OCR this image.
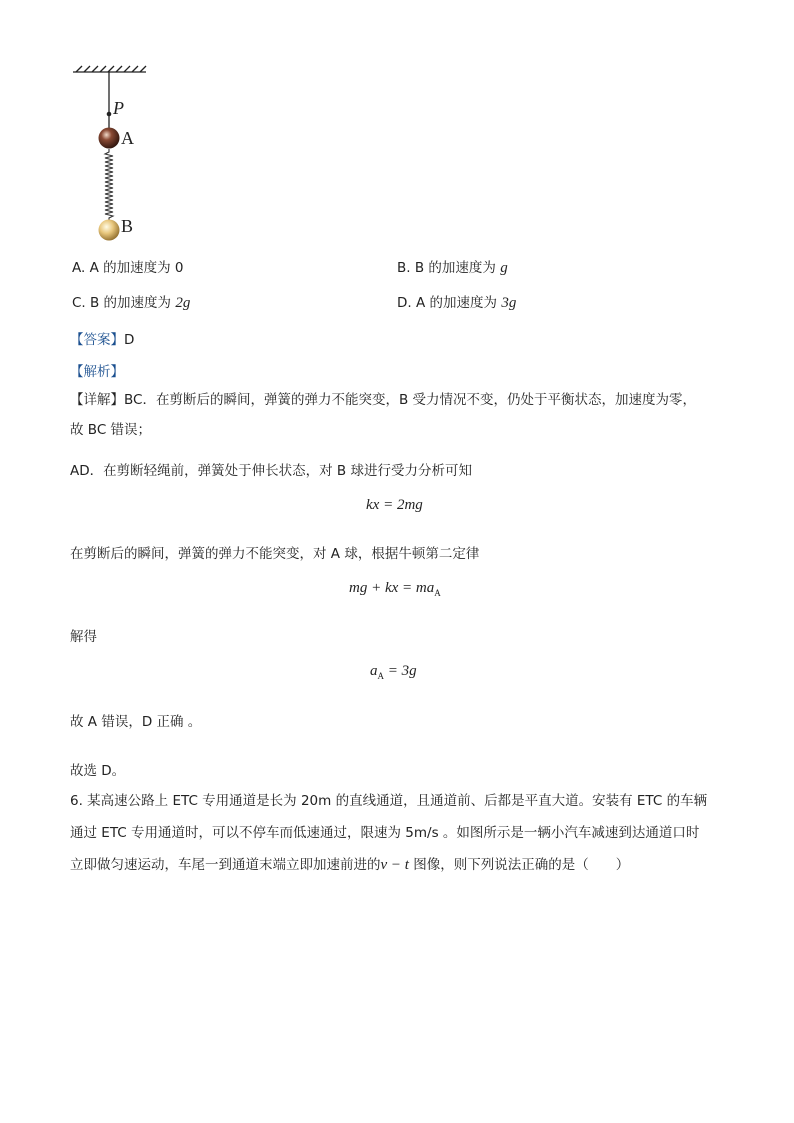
P
A
B
A. A 的加速度为 0	B. B 的加速度为 g
C. B 的加速度为 2g	D. A 的加速度为 3g
【答案】D
【解析】
【详解】BC．在剪断后的瞬间，弹簧的弹力不能突变，B 受力情况不变，仍处于平衡状态，加速度为零，
故 BC 错误；
AD．在剪断轻绳前，弹簧处于伸长状态，对 B 球进行受力分析可知
kx = 2mg
在剪断后的瞬间，弹簧的弹力不能突变，对 A 球，根据牛顿第二定律
mg + kx = $ma_A$
解得
$a_A = 3g$
故 A 错误，D 正确 。
故选 D。
6. 某高速公路上 ETC 专用通道是长为 20m 的直线通道，且通道前、后都是平直大道。安装有 ETC 的车辆
通过 ETC 专用通道时，可以不停车而低速通过，限速为 5m/s 。如图所示是一辆小汽车减速到达通道口时
立即做匀速运动，车尾一到通道末端立即加速前进的v − t 图像，则下列说法正确的是（　　）
